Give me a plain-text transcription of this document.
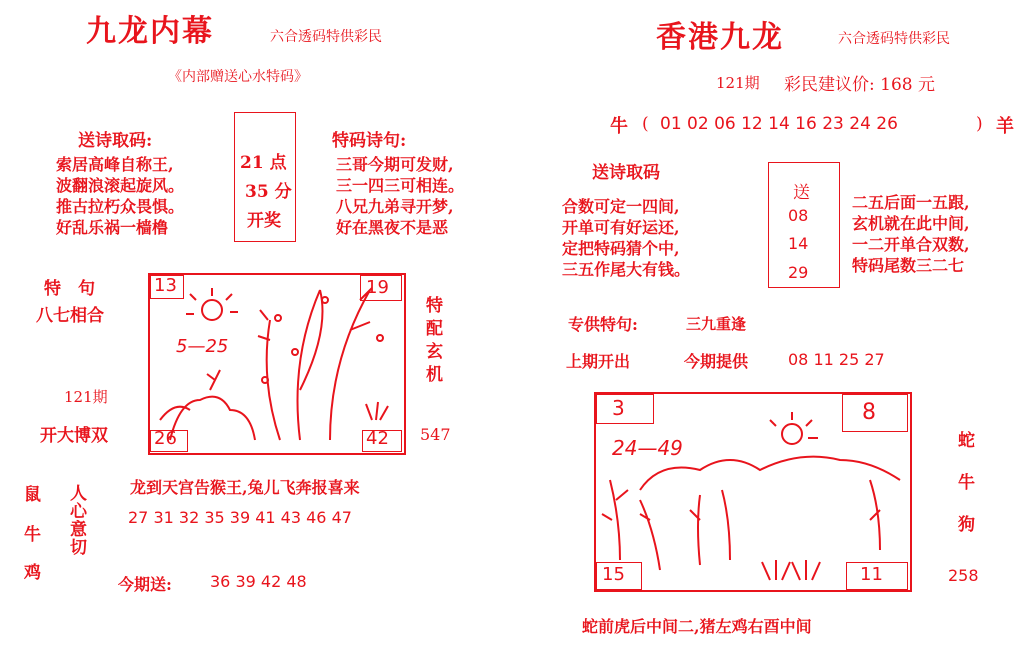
九龙内幕	六合透码特供彩民
《内部赠送心水特码》
送诗取码:
索居高峰自称王,
波翻浪滚起旋风。
推古拉朽众畏惧。
好乱乐祸一樯橹
21 点
35 分
开奖
特码诗句:
三哥今期可发财,
三一四三可相连。
八兄九弟寻开梦,
好在黑夜不是恶
特　句
八七相合
121期
开大博双
13	19
26	42
5—25	特配玄机
547
龙到天宫告猴王,兔儿飞奔报喜来
27 31 32 35 39 41 43 46 47
鼠
牛
鸡
人心意切
今期送: 36 39 42 48
香港九龙	六合透码特供彩民
121期 彩民建议价: 168 元
牛 ( 01 02 06 12 14 16 23 24 26	) 羊
送诗取码
合数可定一四间,
开单可有好运还,
定把特码猜个中,
三五作尾大有钱。
送
08
14
29
二五后面一五跟,
玄机就在此中间,
一二开单合双数,
特码尾数三二七
专供特句:	三九重逢
上期开出	今期提供 08 11 25 27
3	8
15	11
24—49	蛇
牛
狗
258
蛇前虎后中间二,猪左鸡右酉中间
